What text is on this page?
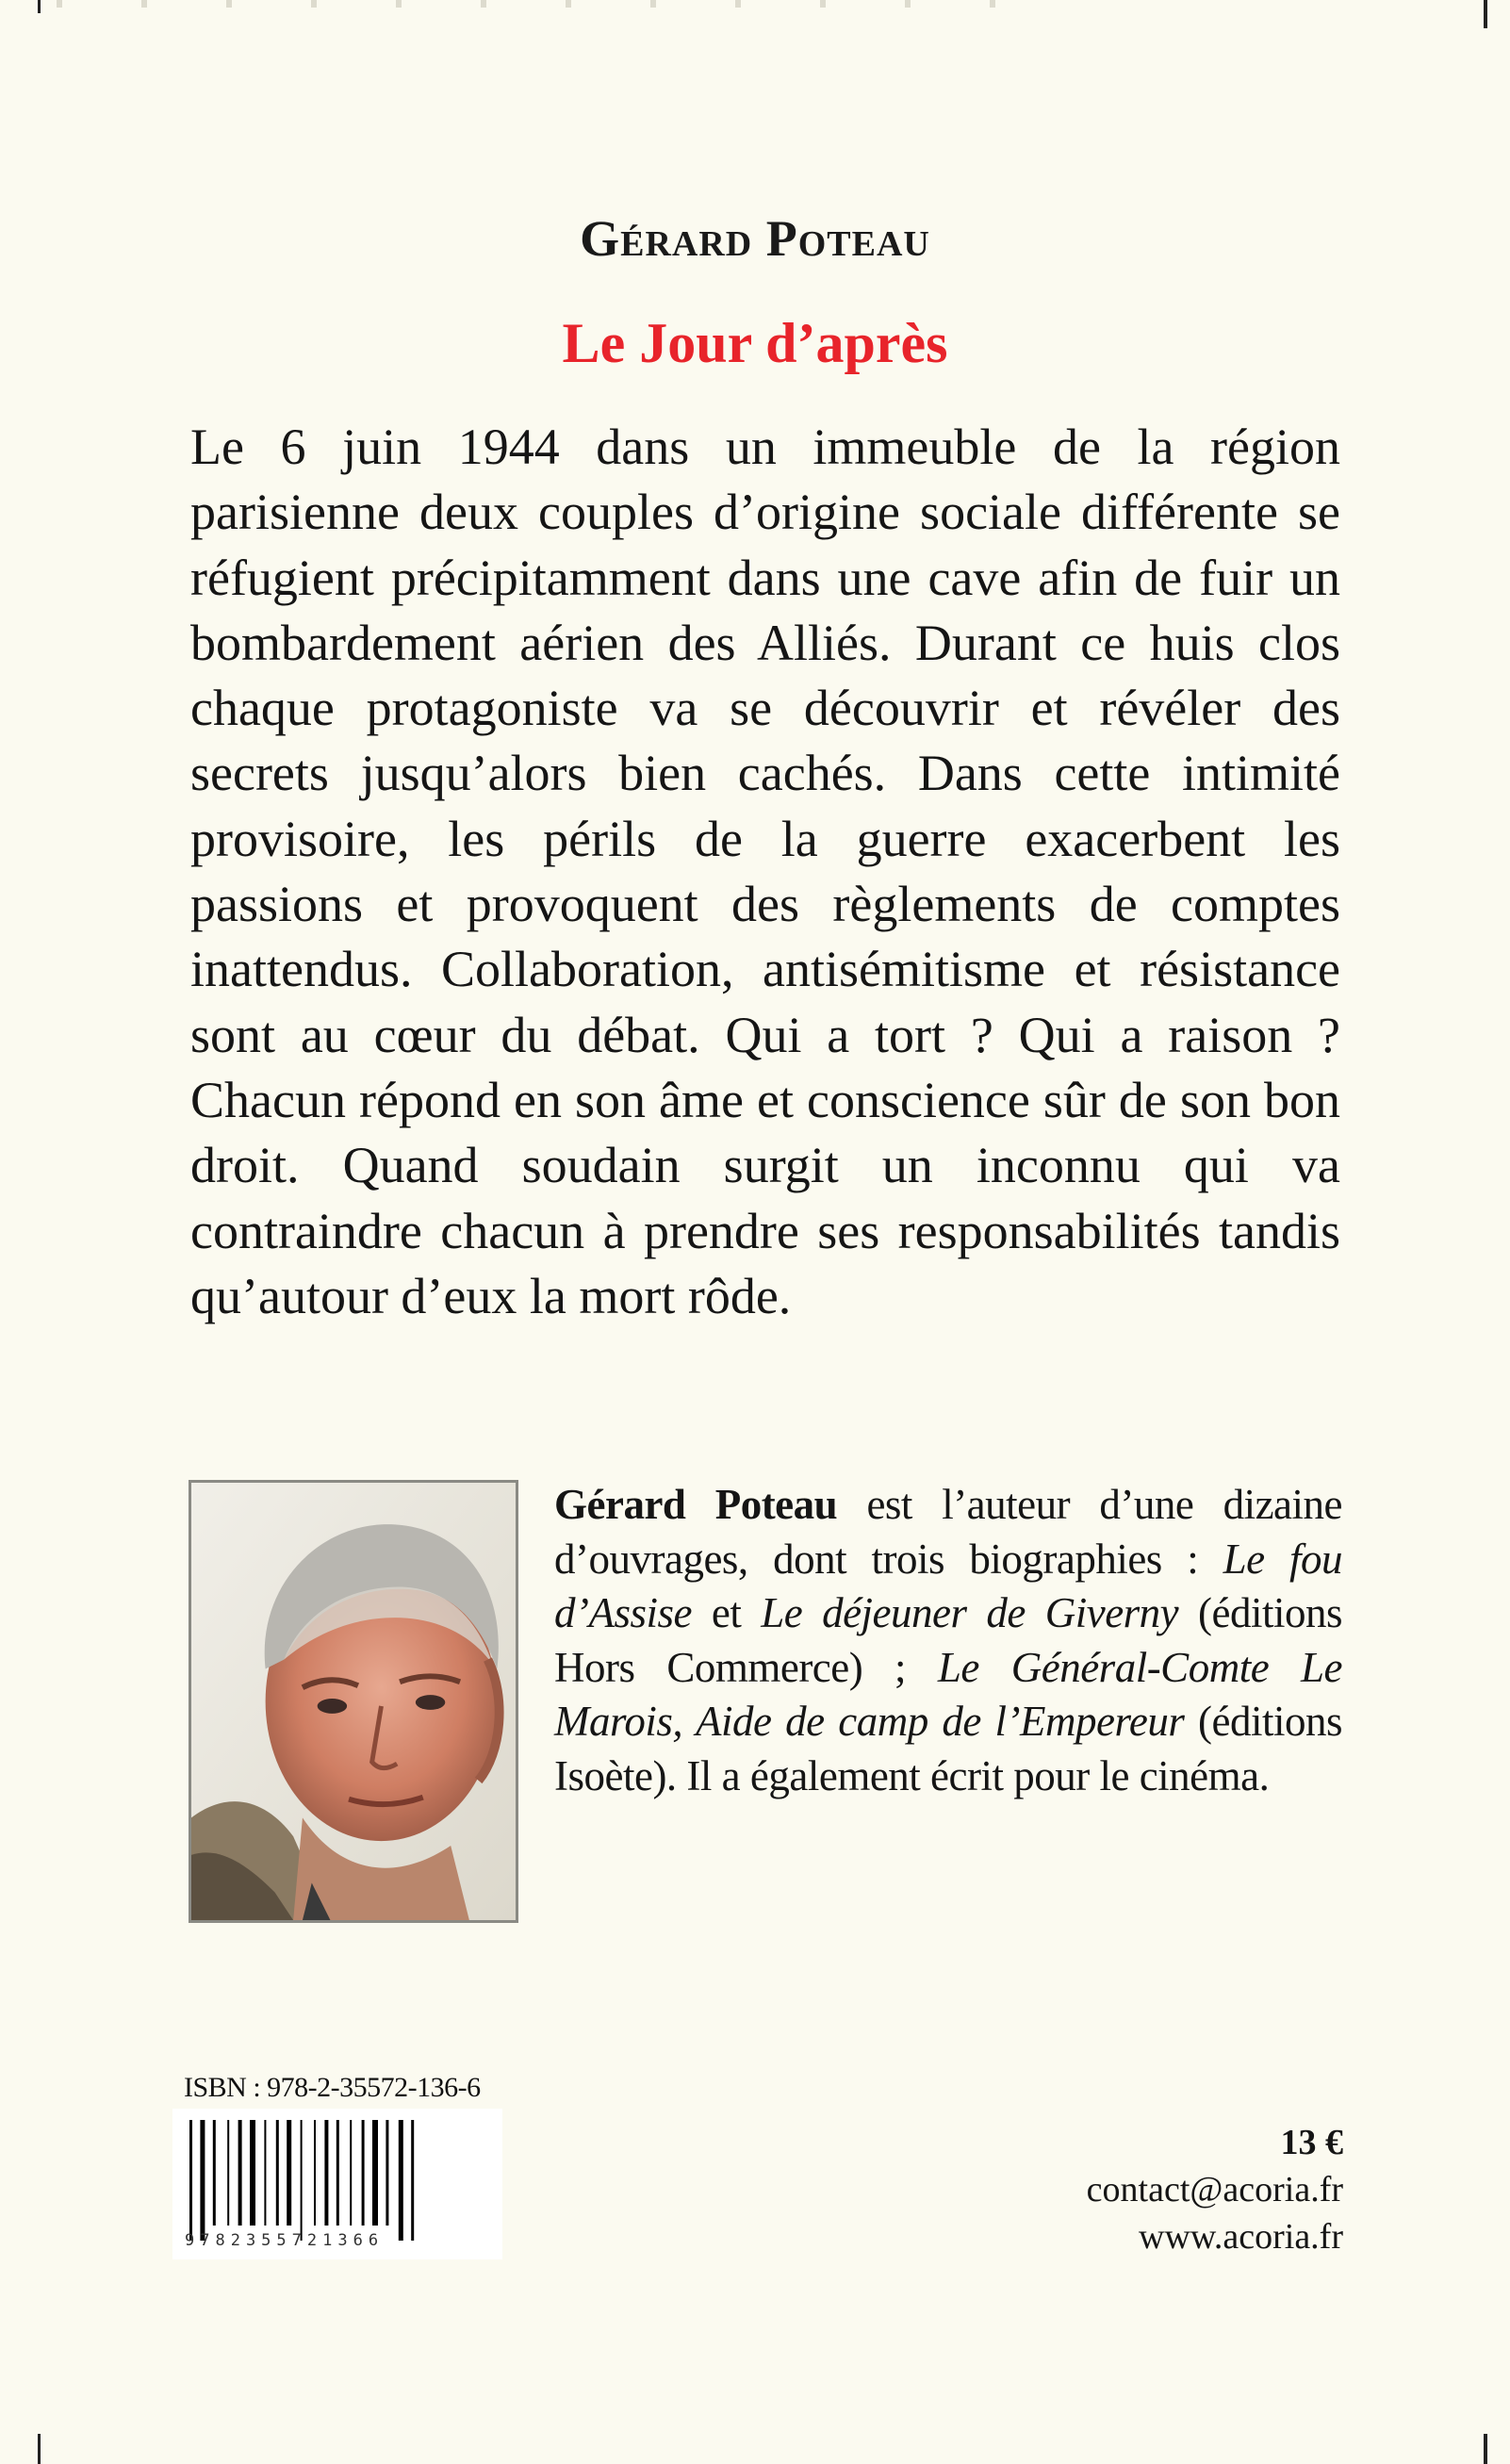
Gérard Poteau
Le Jour d’après

Le 6 juin 1944 dans un immeuble de la région parisienne deux couples d’origine sociale différente se réfugient précipitamment dans une cave afin de fuir un bombardement aérien des Alliés. Durant ce huis clos chaque protagoniste va se découvrir et révéler des secrets jusqu’alors bien cachés. Dans cette intimité provisoire, les périls de la guerre exacerbent les passions et provoquent des règlements de comptes inattendus. Collaboration, antisémitisme et résistance sont au cœur du débat. Qui a tort ? Qui a raison ? Chacun répond en son âme et conscience sûr de son bon droit. Quand soudain surgit un inconnu qui va contraindre chacun à prendre ses responsabilités tandis qu’autour d’eux la mort rôde.

Gérard Poteau est l’auteur d’une dizaine d’ouvrages, dont trois biographies : Le fou d’Assise et Le déjeuner de Giverny (éditions Hors Commerce) ; Le Général-Comte Le Marois, Aide de camp de l’Empereur (éditions Isoète). Il a également écrit pour le cinéma.

ISBN : 978-2-35572-136-6
9782355721366
13 €
contact@acoria.fr
www.acoria.fr
